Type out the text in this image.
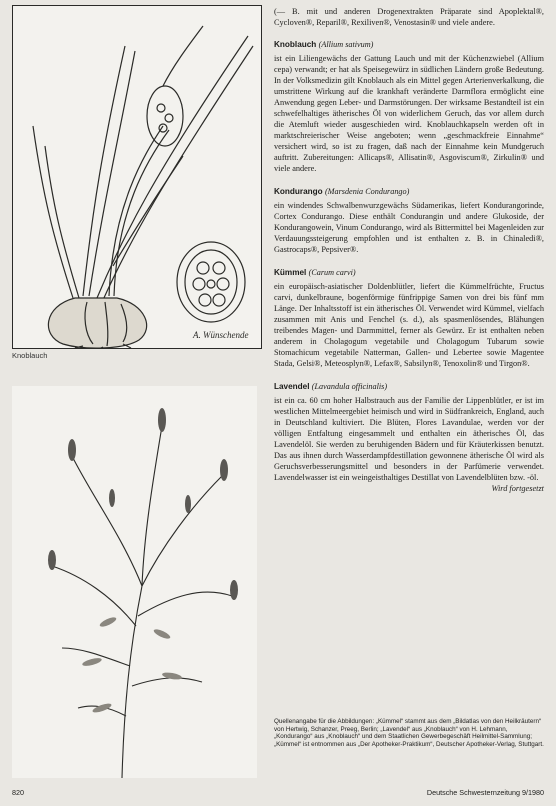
A. Wünschende
Knoblauch

(— B. mit und anderen Drogenextrakten Präparate sind Apoplektal®, Cycloven®, Reparil®, Rexiliven®, Venostasin® und viele andere.

Knoblauch (Allium sativum)

ist ein Liliengewächs der Gattung Lauch und mit der Küchenzwiebel (Allium cepa) verwandt; er hat als Speisegewürz in südlichen Ländern große Bedeutung. In der Volksmedizin gilt Knoblauch als ein Mittel gegen Arterienverkalkung, die umstrittene Wirkung auf die krankhaft veränderte Darmflora ermöglicht eine Anwendung gegen Leber- und Darmstörungen. Der wirksame Bestandteil ist ein schwefelhaltiges ätherisches Öl von widerlichem Geruch, das vor allem durch die Atemluft wieder ausgeschieden wird. Knoblauchkapseln werden oft in marktschreierischer Weise angeboten; wenn „geschmackfreie Einnahme“ versichert wird, so ist zu fragen, daß nach der Einnahme kein Mundgeruch auftritt. Zubereitungen: Allicaps®, Allisatin®, Asgoviscum®, Zirkulin® und viele andere.

Kondurango (Marsdenia Condurango)

ein windendes Schwalbenwurzgewächs Südamerikas, liefert Kondurangorinde, Cortex Condurango. Diese enthält Condurangin und andere Glukoside, der Kondurangowein, Vinum Condurango, wird als Bittermittel bei Magenleiden zur Verdauungssteigerung empfohlen und ist enthalten z. B. in Chinaledi®, Gastrocaps®, Pepsiver®.

Kümmel (Carum carvi)

ein europäisch-asiatischer Doldenblütler, liefert die Kümmelfrüchte, Fructus carvi, dunkelbraune, bogenförmige fünfrippige Samen von drei bis fünf mm Länge. Der Inhaltsstoff ist ein ätherisches Öl. Verwendet wird Kümmel, vielfach zusammen mit Anis und Fenchel (s. d.), als spasmenlösendes, Blähungen treibendes Magen- und Darmmittel, ferner als Gewürz. Er ist enthalten neben anderem in Cholagogum vegetabile und Cholagogum Tubarum sowie Stomachicum vegetabile Natterman, Gallen- und Lebertee sowie Magentee Stada, Gelsi®, Meteosplyn®, Lefax®, Sabsilyn®, Tenoxolin® und Tirgon®.

Lavendel (Lavandula officinalis)

ist ein ca. 60 cm hoher Halbstrauch aus der Familie der Lippenblütler, er ist im westlichen Mittelmeergebiet heimisch und wird in Südfrankreich, England, auch in Deutschland kultiviert. Die Blüten, Flores Lavandulae, werden vor der völligen Entfaltung eingesammelt und enthalten ein ätherisches Öl, das Lavendelöl. Sie werden zu beruhigenden Bädern und für Kräuterkissen benutzt. Das aus ihnen durch Wasserdampfdestillation gewonnene ätherische Öl wird als Geruchsverbesserungsmittel und besonders in der Parfümerie verwendet. Lavendelwasser ist ein weingeisthaltiges Destillat von Lavendelblüten bzw. -öl.

Wird fortgesetzt

Quellenangabe für die Abbildungen: „Kümmel“ stammt aus dem „Bildatlas von den Heilkräutern“ von Hertwig, Schanzer, Preeg, Berlin; „Lavendel“ aus „Knoblauch“ von H. Lehmann, „Kondurango“ aus „Knoblauch“ und dem Staatlichen Gewerbegeschäft Heilmittel-Sammlung; „Kümmel“ ist entnommen aus „Der Apotheker-Praktikum“, Deutscher Apotheker-Verlag, Stuttgart.
820	Deutsche Schwesternzeitung 9/1980
